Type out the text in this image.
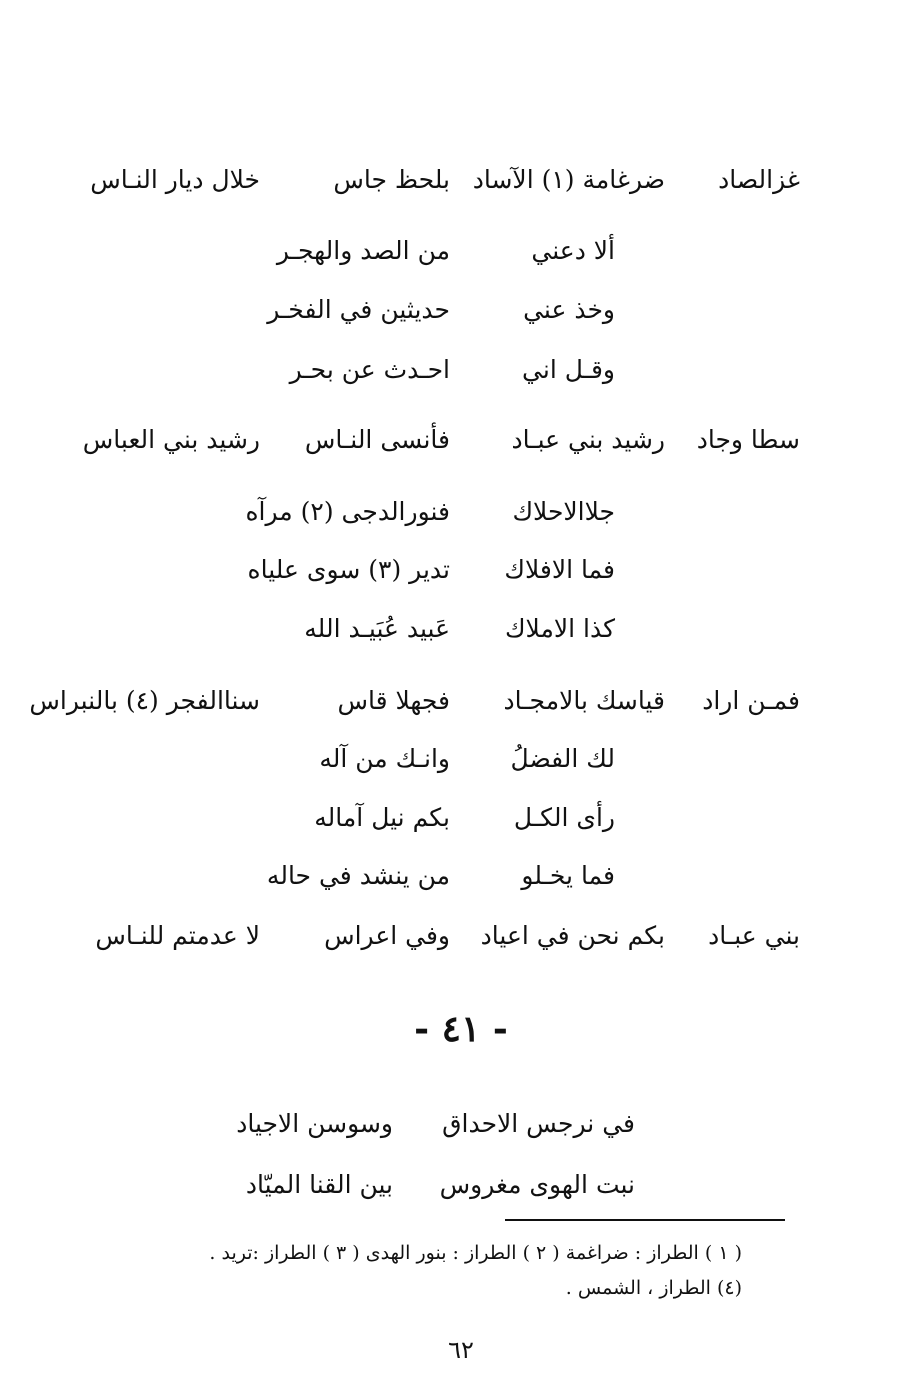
غزالصاد
ضرغامة (١) الآساد
بلحظ جاس
خلال ديار النـاس
ألا دعني
من الصد والهجـر
وخذ عني
حديثين في الفخـر
وقـل اني
احـدث عن بحـر
سطا وجاد
رشيد بني عبـاد
فأنسى النـاس
رشيد بني العباس
جلاالاحلاك
فنورالدجى (٢) مرآه
فما الافلاك
تدير (٣) سوى علياه
كذا الاملاك
عَبيد عُبَيـد الله
فمـن اراد
قياسك بالامجـاد
فجهلا قاس
سناالفجر (٤) بالنبراس
لك الفضلُ
وانـك من آله
رأى الكـل
بكم نيل آماله
فما يخـلو
من ينشد في حاله
بني عبـاد
بكم نحن في اعياد
وفي اعراس
لا عدمتم للنـاس
- ٤١ -
في نرجس الاحداق
وسوسن الاجياد
نبت الهوى مغروس
بين القنا الميّاد
( ١ ) الطراز : ضراغمة ( ٢ ) الطراز : بنور الهدى ( ٣ ) الطراز :تريد .
(٤) الطراز ، الشمس .
٦٢
